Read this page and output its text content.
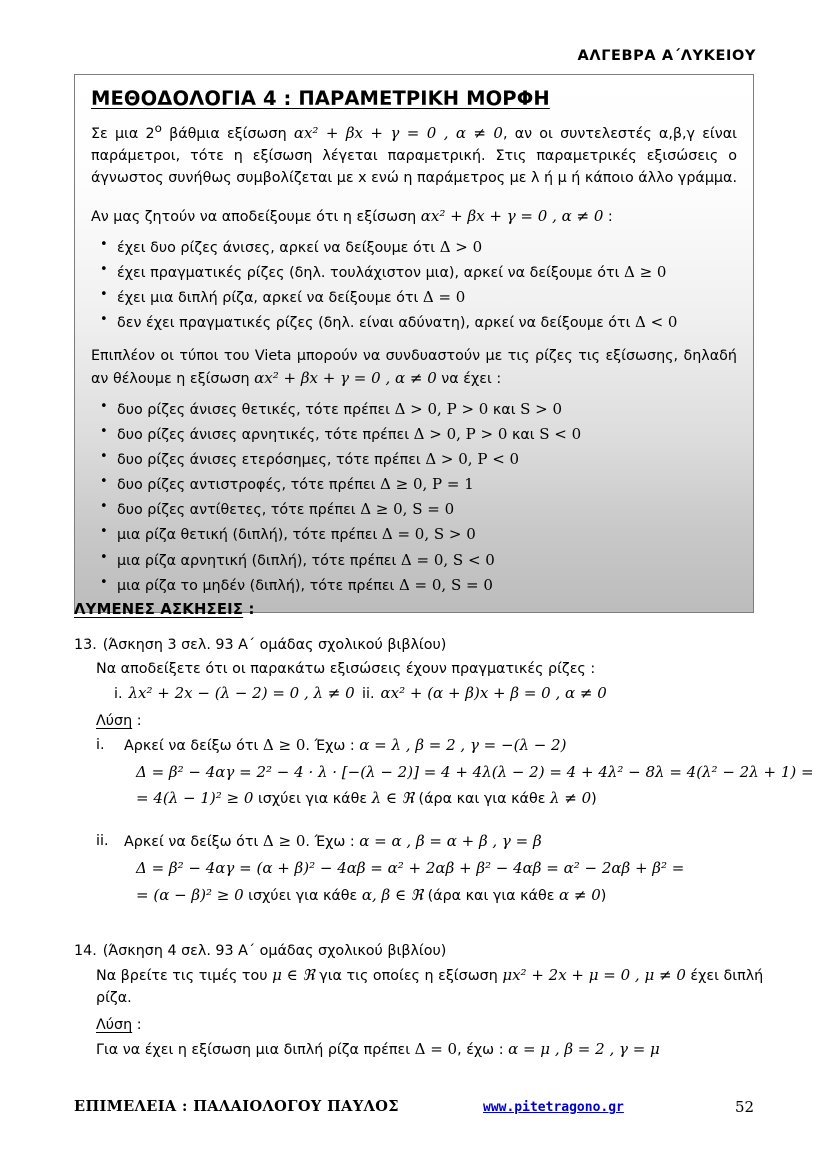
ΑΛΓΕΒΡΑ Α΄ΛΥΚΕΙΟΥ
ΜΕΘΟΔΟΛΟΓΙΑ 4 : ΠΑΡΑΜΕΤΡΙΚΗ ΜΟΡΦΗ

Σε μια $2^o$ βάθμια εξίσωση αx² + βx + γ = 0 , α ≠ 0, αν οι συντελεστές α,β,γ είναι παράμετροι, τότε η εξίσωση λέγεται παραμετρική. Στις παραμετρικές εξισώσεις ο άγνωστος συνήθως συμβολίζεται με x ενώ η παράμετρος με λ ή μ ή κάποιο άλλο γράμμα.

Αν μας ζητούν να αποδείξουμε ότι η εξίσωση αx² + βx + γ = 0 , α ≠ 0 :

• έχει δυο ρίζες άνισες, αρκεί να δείξουμε ότι Δ > 0
• έχει πραγματικές ρίζες (δηλ. τουλάχιστον μια), αρκεί να δείξουμε ότι Δ ≥ 0
• έχει μια διπλή ρίζα, αρκεί να δείξουμε ότι Δ = 0
• δεν έχει πραγματικές ρίζες (δηλ. είναι αδύνατη), αρκεί να δείξουμε ότι Δ < 0

Επιπλέον οι τύποι του Vieta μπορούν να συνδυαστούν με τις ρίζες τις εξίσωσης, δηλαδή αν θέλουμε η εξίσωση αx² + βx + γ = 0 , α ≠ 0 να έχει :

• δυο ρίζες άνισες θετικές, τότε πρέπει Δ > 0, P > 0 και S > 0
• δυο ρίζες άνισες αρνητικές, τότε πρέπει Δ > 0, P > 0 και S < 0
• δυο ρίζες άνισες ετερόσημες, τότε πρέπει Δ > 0, P < 0
• δυο ρίζες αντιστροφές, τότε πρέπει Δ ≥ 0, P = 1
• δυο ρίζες αντίθετες, τότε πρέπει Δ ≥ 0, S = 0
• μια ρίζα θετική (διπλή), τότε πρέπει Δ = 0, S > 0
• μια ρίζα αρνητική (διπλή), τότε πρέπει Δ = 0, S < 0
• μια ρίζα το μηδέν (διπλή), τότε πρέπει Δ = 0, S = 0
ΛΥΜΕΝΕΣ ΑΣΚΗΣΕΙΣ :
13. (Άσκηση 3 σελ. 93 Α΄ ομάδας σχολικού βιβλίου)
Να αποδείξετε ότι οι παρακάτω εξισώσεις έχουν πραγματικές ρίζες :
i. λx² + 2x − (λ − 2) = 0 , λ ≠ 0 ii. αx² + (α + β)x + β = 0 , α ≠ 0
Λύση :
i. Αρκεί να δείξω ότι Δ ≥ 0. Έχω : α = λ , β = 2 , γ = −(λ − 2)
Δ = β² − 4αγ = 2² − 4 · λ · [−(λ − 2)] = 4 + 4λ(λ − 2) = 4 + 4λ² − 8λ = 4(λ² − 2λ + 1) =
= 4(λ − 1)² ≥ 0 ισχύει για κάθε λ ∈ ℜ (άρα και για κάθε λ ≠ 0)
ii. Αρκεί να δείξω ότι Δ ≥ 0. Έχω : α = α , β = α + β , γ = β
Δ = β² − 4αγ = (α + β)² − 4αβ = α² + 2αβ + β² − 4αβ = α² − 2αβ + β² =
= (α − β)² ≥ 0 ισχύει για κάθε α, β ∈ ℜ (άρα και για κάθε α ≠ 0)
14. (Άσκηση 4 σελ. 93 Α΄ ομάδας σχολικού βιβλίου)
Να βρείτε τις τιμές του μ ∈ ℜ για τις οποίες η εξίσωση μx² + 2x + μ = 0 , μ ≠ 0 έχει διπλή ρίζα.
Λύση :
Για να έχει η εξίσωση μια διπλή ρίζα πρέπει Δ = 0, έχω : α = μ , β = 2 , γ = μ
ΕΠΙΜΕΛΕΙΑ : ΠΑΛΑΙΟΛΟΓΟΥ ΠΑΥΛΟΣ	www.pitetragono.gr	52
